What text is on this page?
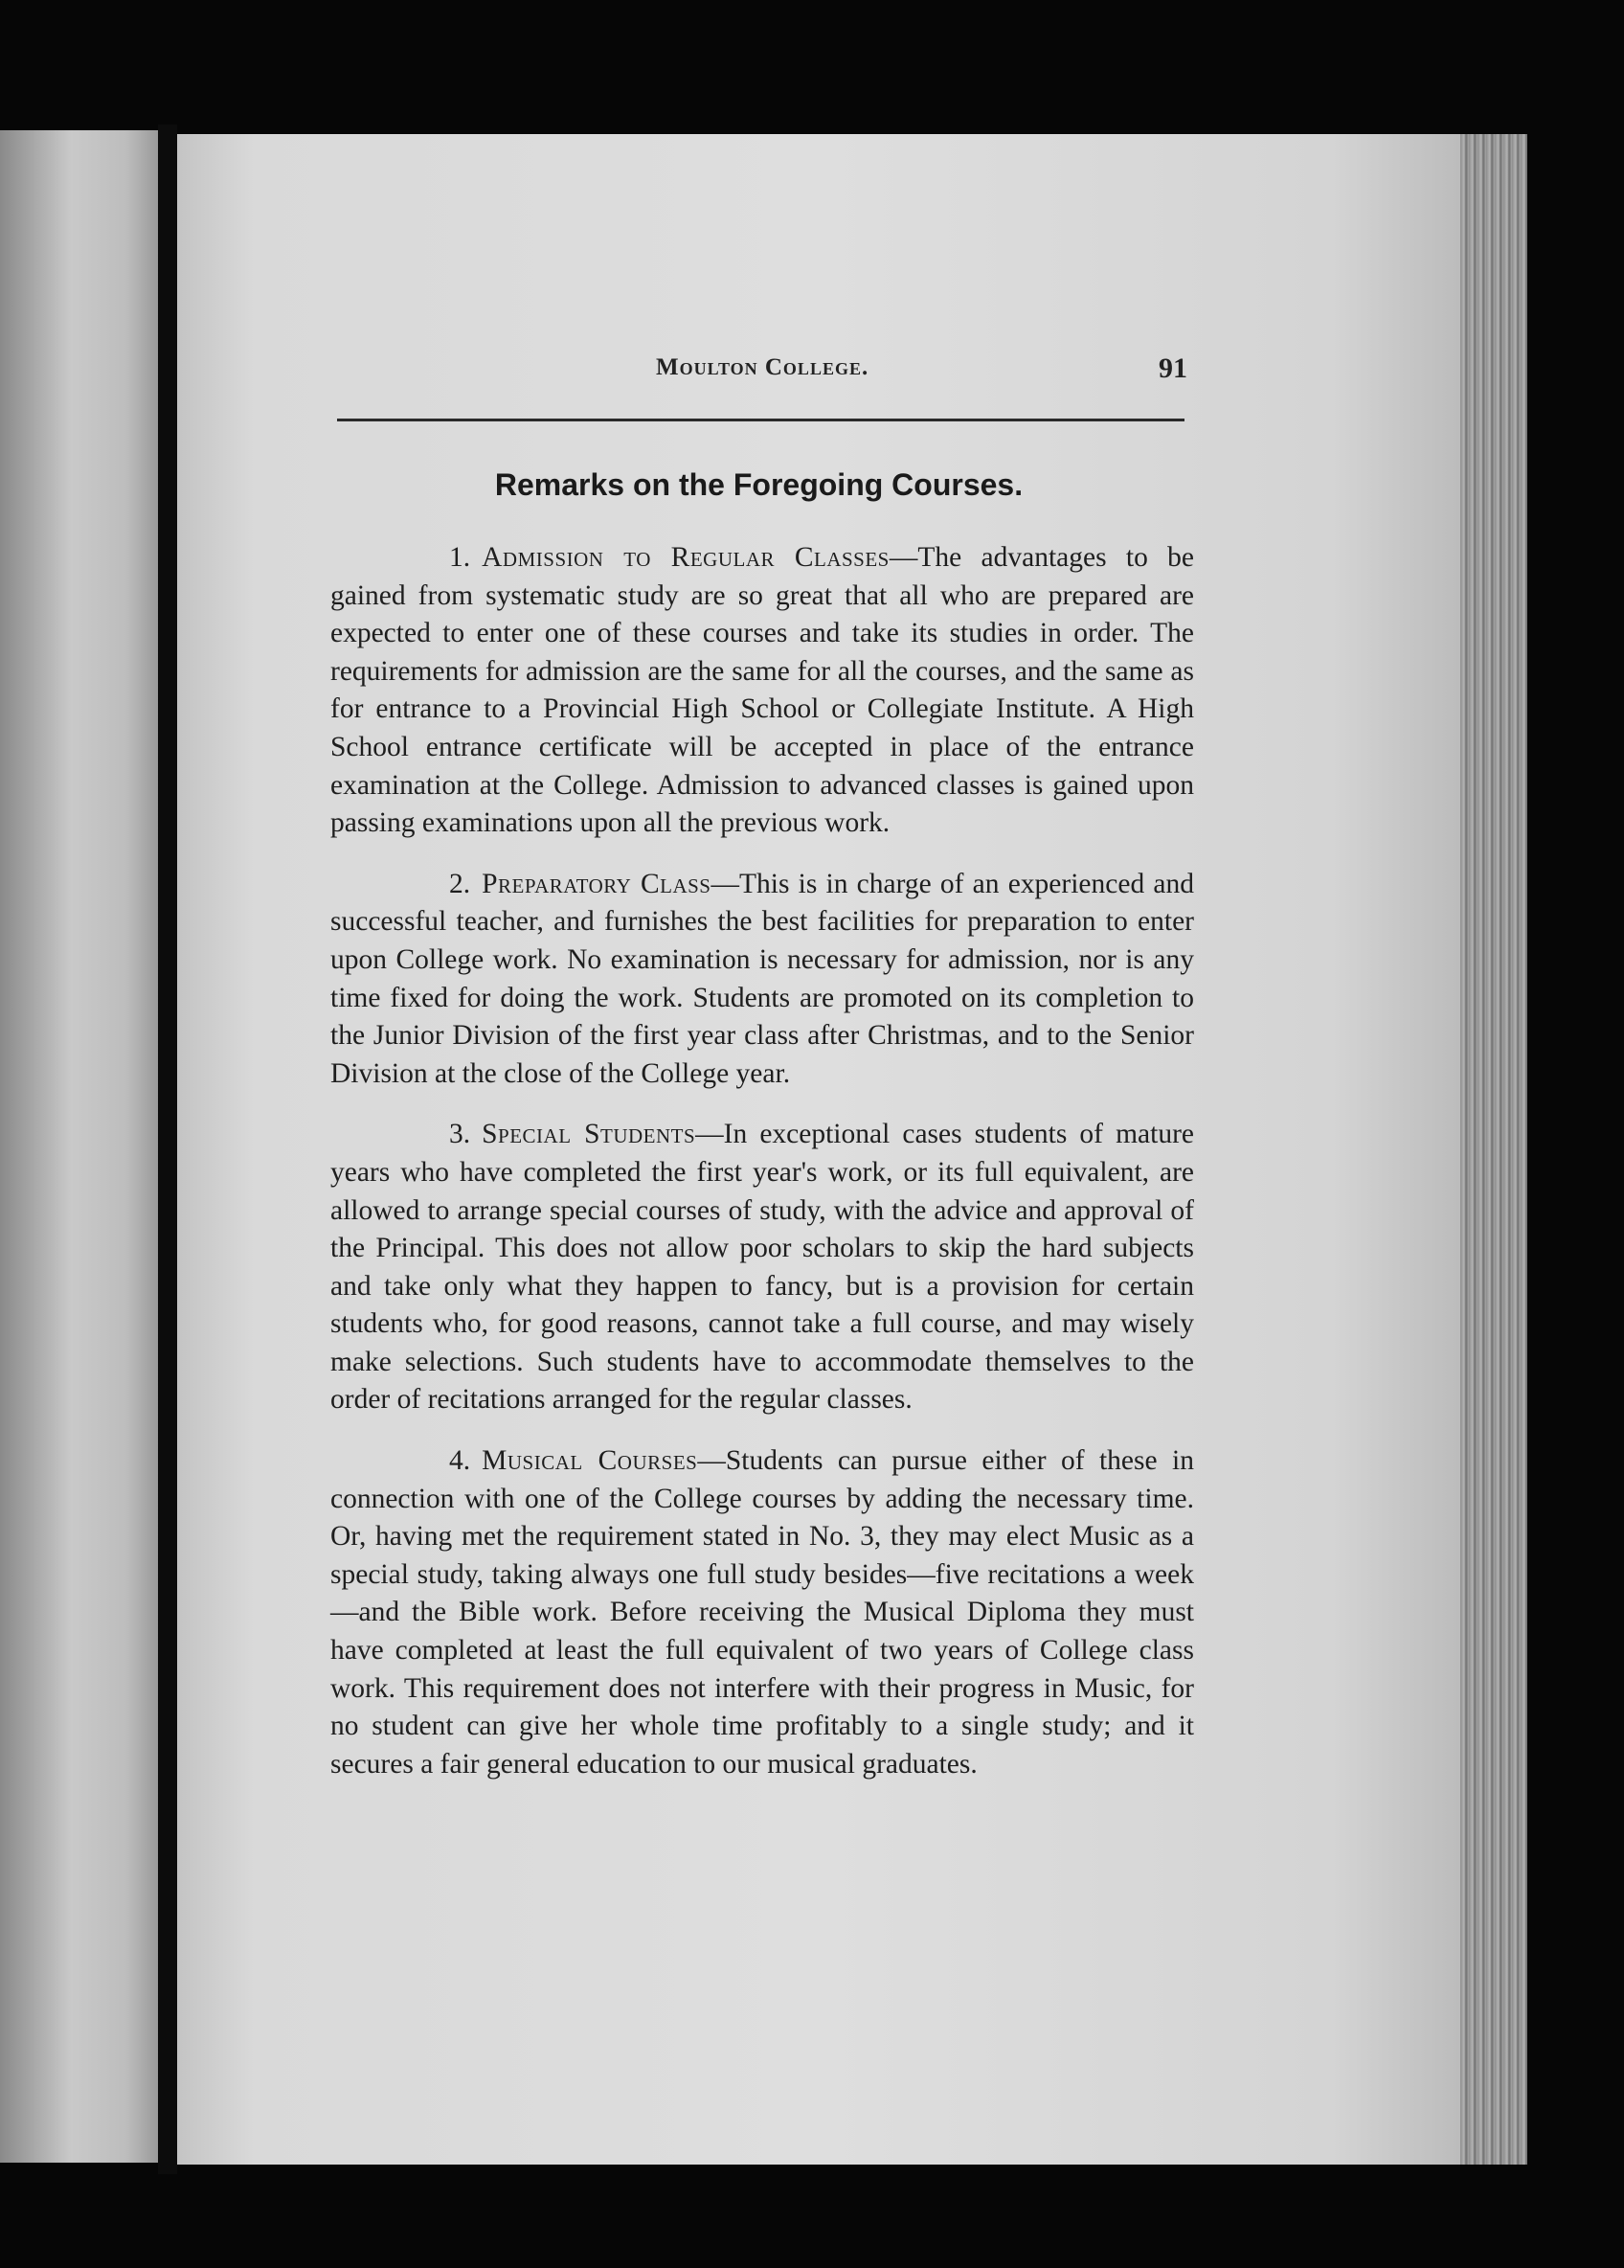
Moulton College.	91
Remarks on the Foregoing Courses.

1. Admission to Regular Classes—The advantages to be gained from systematic study are so great that all who are prepared are expected to enter one of these courses and take its studies in order. The requirements for admission are the same for all the courses, and the same as for entrance to a Provincial High School or Collegiate Institute. A High School entrance certificate will be accepted in place of the entrance examination at the College. Admission to advanced classes is gained upon passing examinations upon all the previous work.

2. Preparatory Class—This is in charge of an experienced and successful teacher, and furnishes the best facilities for preparation to enter upon College work. No examination is necessary for admission, nor is any time fixed for doing the work. Students are promoted on its completion to the Junior Division of the first year class after Christmas, and to the Senior Division at the close of the College year.

3. Special Students—In exceptional cases students of mature years who have completed the first year's work, or its full equivalent, are allowed to arrange special courses of study, with the advice and approval of the Principal. This does not allow poor scholars to skip the hard subjects and take only what they happen to fancy, but is a provision for certain students who, for good reasons, cannot take a full course, and may wisely make selections. Such students have to accommodate themselves to the order of recitations arranged for the regular classes.

4. Musical Courses—Students can pursue either of these in connection with one of the College courses by adding the necessary time. Or, having met the requirement stated in No. 3, they may elect Music as a special study, taking always one full study besides—five recitations a week—and the Bible work. Before receiving the Musical Diploma they must have completed at least the full equivalent of two years of College class work. This requirement does not interfere with their progress in Music, for no student can give her whole time profitably to a single study; and it secures a fair general education to our musical graduates.
